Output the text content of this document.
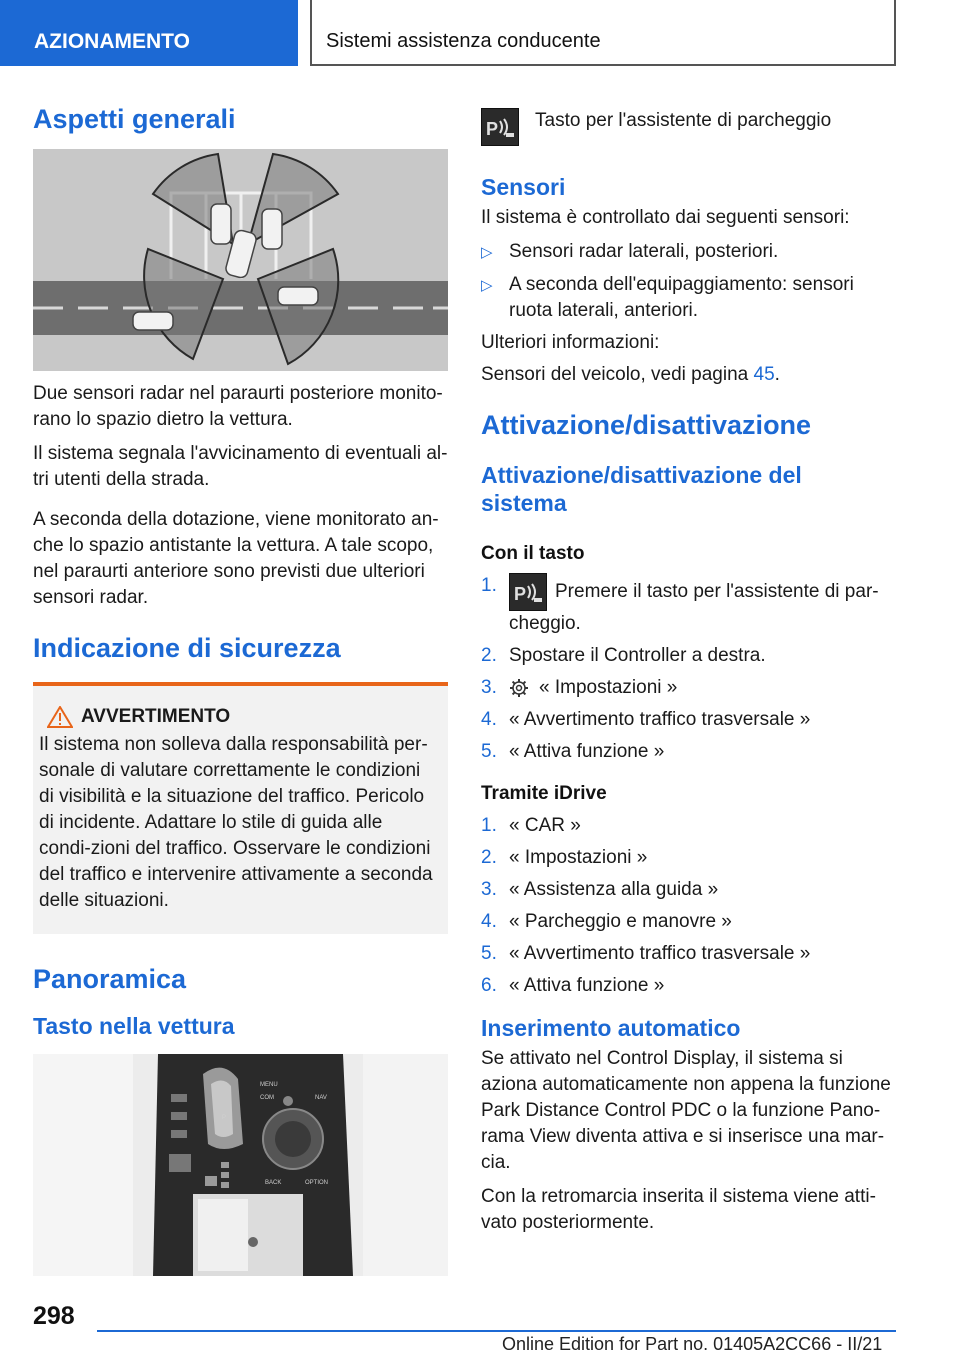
AZIONAMENTO	Sistemi assistenza conducente
Aspetti generali
Due sensori radar nel paraurti posteriore monito-rano lo spazio dietro la vettura.
Il sistema segnala l'avvicinamento di eventuali al-tri utenti della strada.
A seconda della dotazione, viene monitorato an-che lo spazio antistante la vettura. A tale scopo, nel paraurti anteriore sono previsti due ulteriori sensori radar.
Indicazione di sicurezza
AVVERTIMENTO
Il sistema non solleva dalla responsabilità per-sonale di valutare correttamente le condizioni di visibilità e la situazione del traffico. Pericolo di incidente. Adattare lo stile di guida alle condi-zioni del traffico. Osservare le condizioni del traffico e intervenire attivamente a seconda delle situazioni.
Panoramica
Tasto nella vettura
COM	NAV
MENU
BACK	OPTION
P
P Tasto per l'assistente di parcheggio
Sensori
Il sistema è controllato dai seguenti sensori:
▷ Sensori radar laterali, posteriori.
▷ A seconda dell'equipaggiamento: sensori ruota laterali, anteriori.
Ulteriori informazioni:
Sensori del veicolo, vedi pagina 45.
Attivazione/disattivazione
Attivazione/disattivazione del sistema
Con il tasto
1. P Premere il tasto per l'assistente di par-cheggio.
2. Spostare il Controller a destra.
3.	« Impostazioni »
4. « Avvertimento traffico trasversale »
5. « Attiva funzione »
Tramite iDrive
1. « CAR »
2. « Impostazioni »
3. « Assistenza alla guida »
4. « Parcheggio e manovre »
5. « Avvertimento traffico trasversale »
6. « Attiva funzione »
Inserimento automatico
Se attivato nel Control Display, il sistema si aziona automaticamente non appena la funzione Park Distance Control PDC o la funzione Pano-rama View diventa attiva e si inserisce una mar-cia.
Con la retromarcia inserita il sistema viene atti-vato posteriormente.
298
Online Edition for Part no. 01405A2CC66 - II/21
